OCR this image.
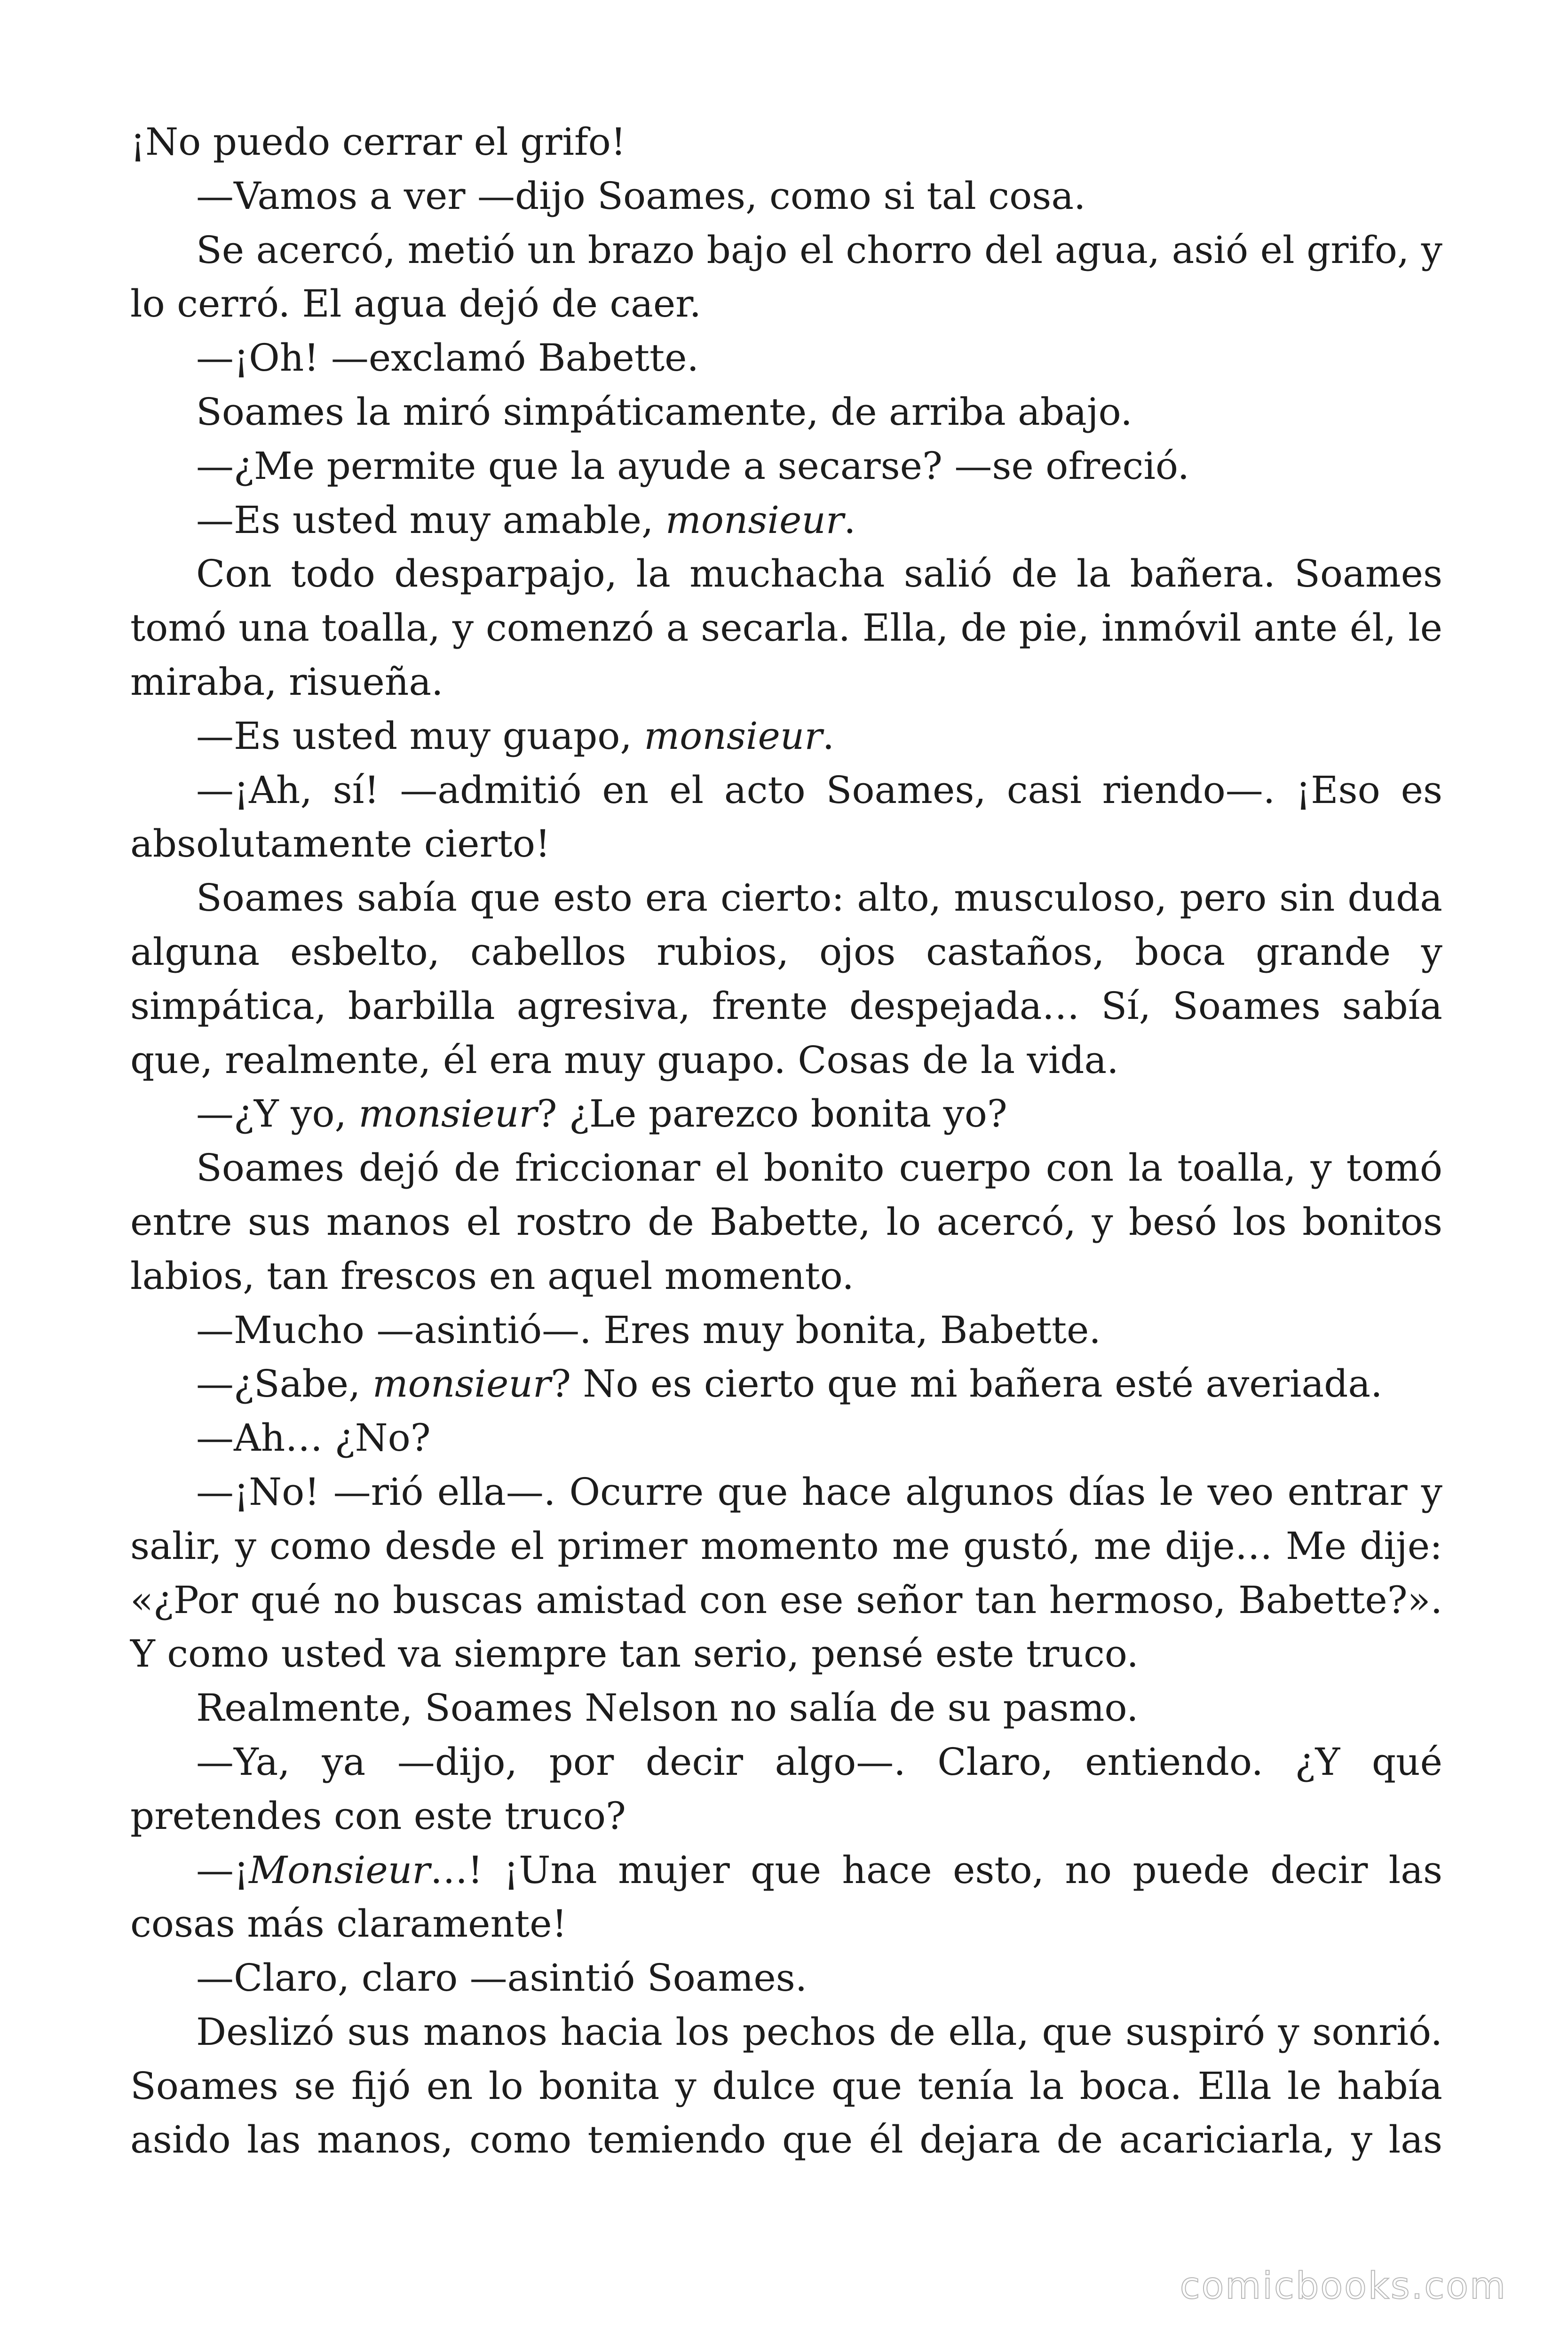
¡No puedo cerrar el grifo!

—Vamos a ver —dijo Soames, como si tal cosa.

Se acercó, metió un brazo bajo el chorro del agua, asió el grifo, y lo cerró. El agua dejó de caer.

—¡Oh! —exclamó Babette.

Soames la miró simpáticamente, de arriba abajo.

—¿Me permite que la ayude a secarse? —se ofreció.

—Es usted muy amable, monsieur.

Con todo desparpajo, la muchacha salió de la bañera. Soames tomó una toalla, y comenzó a secarla. Ella, de pie, inmóvil ante él, le miraba, risueña.

—Es usted muy guapo, monsieur.

—¡Ah, sí! —admitió en el acto Soames, casi riendo—. ¡Eso es absolutamente cierto!

Soames sabía que esto era cierto: alto, musculoso, pero sin duda alguna esbelto, cabellos rubios, ojos castaños, boca grande y simpática, barbilla agresiva, frente despejada… Sí, Soames sabía que, realmente, él era muy guapo. Cosas de la vida.

—¿Y yo, monsieur? ¿Le parezco bonita yo?

Soames dejó de friccionar el bonito cuerpo con la toalla, y tomó entre sus manos el rostro de Babette, lo acercó, y besó los bonitos labios, tan frescos en aquel momento.

—Mucho —asintió—. Eres muy bonita, Babette.

—¿Sabe, monsieur? No es cierto que mi bañera esté averiada.

—Ah… ¿No?

—¡No! —rió ella—. Ocurre que hace algunos días le veo entrar y salir, y como desde el primer momento me gustó, me dije… Me dije: «¿Por qué no buscas amistad con ese señor tan hermoso, Babette?». Y como usted va siempre tan serio, pensé este truco.

Realmente, Soames Nelson no salía de su pasmo.

—Ya, ya —dijo, por decir algo—. Claro, entiendo. ¿Y qué pretendes con este truco?

—¡Monsieur…! ¡Una mujer que hace esto, no puede decir las cosas más claramente!

—Claro, claro —asintió Soames.

Deslizó sus manos hacia los pechos de ella, que suspiró y sonrió. Soames se fijó en lo bonita y dulce que tenía la boca. Ella le había asido las manos, como temiendo que él dejara de acariciarla, y las

comicbooks.com
